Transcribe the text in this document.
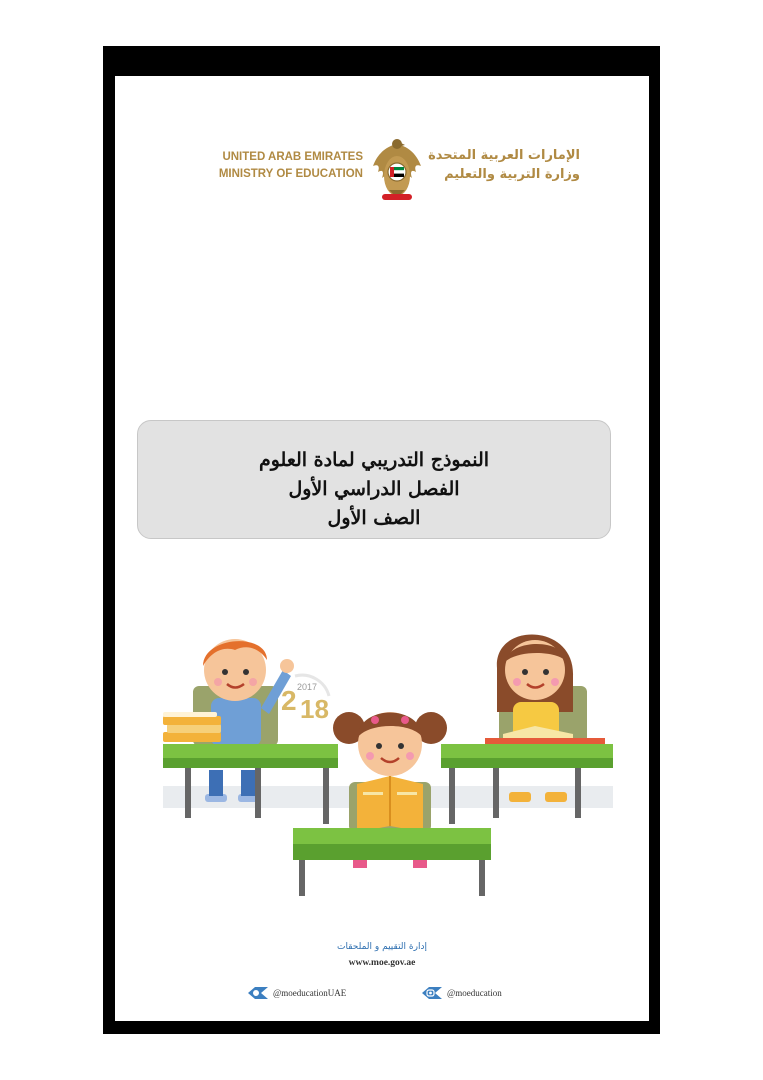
UNITED ARAB EMIRATES
MINISTRY OF EDUCATION
الإمارات العربية المتحدة
وزارة التربية والتعليم
النموذج التدريبي لمادة العلوم
الفصل الدراسي الأول
الصف الأول
2 2017
18
إدارة التقييم و الملحقات
www.moe.gov.ae
@moeducationUAE	@moeducation
